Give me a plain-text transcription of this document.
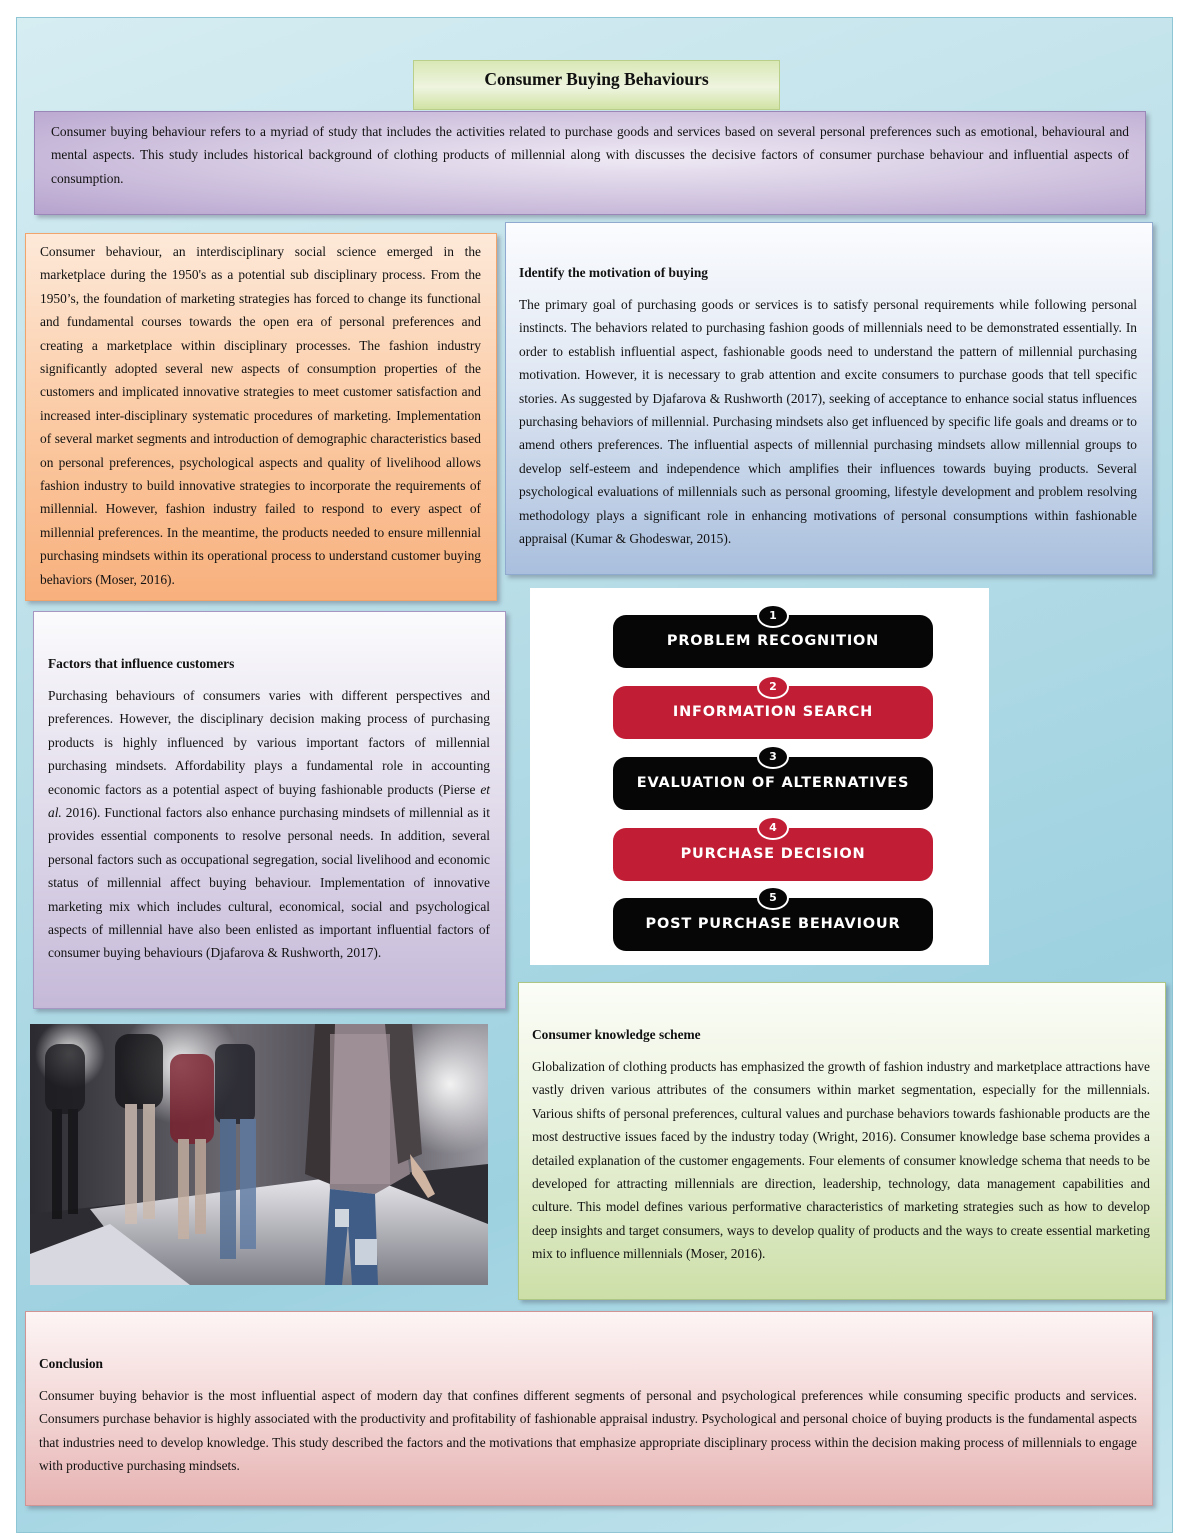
Consumer Buying Behaviours

Consumer buying behaviour refers to a myriad of study that includes the activities related to purchase goods and services based on several personal preferences such as emotional, behavioural and mental aspects. This study includes historical background of clothing products of millennial along with discusses the decisive factors of consumer purchase behaviour and influential aspects of consumption.

Consumer behaviour, an interdisciplinary social science emerged in the marketplace during the 1950's as a potential sub disciplinary process. From the 1950’s, the foundation of marketing strategies has forced to change its functional and fundamental courses towards the open era of personal preferences and creating a marketplace within disciplinary processes. The fashion industry significantly adopted several new aspects of consumption properties of the customers and implicated innovative strategies to meet customer satisfaction and increased inter-disciplinary systematic procedures of marketing. Implementation of several market segments and introduction of demographic characteristics based on personal preferences, psychological aspects and quality of livelihood allows fashion industry to build innovative strategies to incorporate the requirements of millennial. However, fashion industry failed to respond to every aspect of millennial preferences. In the meantime, the products needed to ensure millennial purchasing mindsets within its operational process to understand customer buying behaviors (Moser, 2016).

Identify the motivation of buying

The primary goal of purchasing goods or services is to satisfy personal requirements while following personal instincts. The behaviors related to purchasing fashion goods of millennials need to be demonstrated essentially. In order to establish influential aspect, fashionable goods need to understand the pattern of millennial purchasing motivation. However, it is necessary to grab attention and excite consumers to purchase goods that tell specific stories. As suggested by Djafarova & Rushworth (2017), seeking of acceptance to enhance social status influences purchasing behaviors of millennial. Purchasing mindsets also get influenced by specific life goals and dreams or to amend others preferences. The influential aspects of millennial purchasing mindsets allow millennial groups to develop self-esteem and independence which amplifies their influences towards buying products. Several psychological evaluations of millennials such as personal grooming, lifestyle development and problem resolving methodology plays a significant role in enhancing motivations of personal consumptions within fashionable appraisal (Kumar & Ghodeswar, 2015).

Factors that influence customers

Purchasing behaviours of consumers varies with different perspectives and preferences. However, the disciplinary decision making process of purchasing products is highly influenced by various important factors of millennial purchasing mindsets. Affordability plays a fundamental role in accounting economic factors as a potential aspect of buying fashionable products (Pierse et al. 2016). Functional factors also enhance purchasing mindsets of millennial as it provides essential components to resolve personal needs. In addition, several personal factors such as occupational segregation, social livelihood and economic status of millennial affect buying behaviour. Implementation of innovative marketing mix which includes cultural, economical, social and psychological aspects of millennial have also been enlisted as important influential factors of consumer buying behaviours (Djafarova & Rushworth, 2017).

PROBLEM RECOGNITION
1
INFORMATION SEARCH
2
EVALUATION OF ALTERNATIVES
3
PURCHASE DECISION
4
POST PURCHASE BEHAVIOUR
5
Consumer knowledge scheme

Globalization of clothing products has emphasized the growth of fashion industry and marketplace attractions have vastly driven various attributes of the consumers within market segmentation, especially for the millennials. Various shifts of personal preferences, cultural values and purchase behaviors towards fashionable products are the most destructive issues faced by the industry today (Wright, 2016). Consumer knowledge base schema provides a detailed explanation of the customer engagements. Four elements of consumer knowledge schema that needs to be developed for attracting millennials are direction, leadership, technology, data management capabilities and culture. This model defines various performative characteristics of marketing strategies such as how to develop deep insights and target consumers, ways to develop quality of products and the ways to create essential marketing mix to influence millennials (Moser, 2016).

Conclusion

Consumer buying behavior is the most influential aspect of modern day that confines different segments of personal and psychological preferences while consuming specific products and services. Consumers purchase behavior is highly associated with the productivity and profitability of fashionable appraisal industry. Psychological and personal choice of buying products is the fundamental aspects that industries need to develop knowledge. This study described the factors and the motivations that emphasize appropriate disciplinary process within the decision making process of millennials to engage with productive purchasing mindsets.
